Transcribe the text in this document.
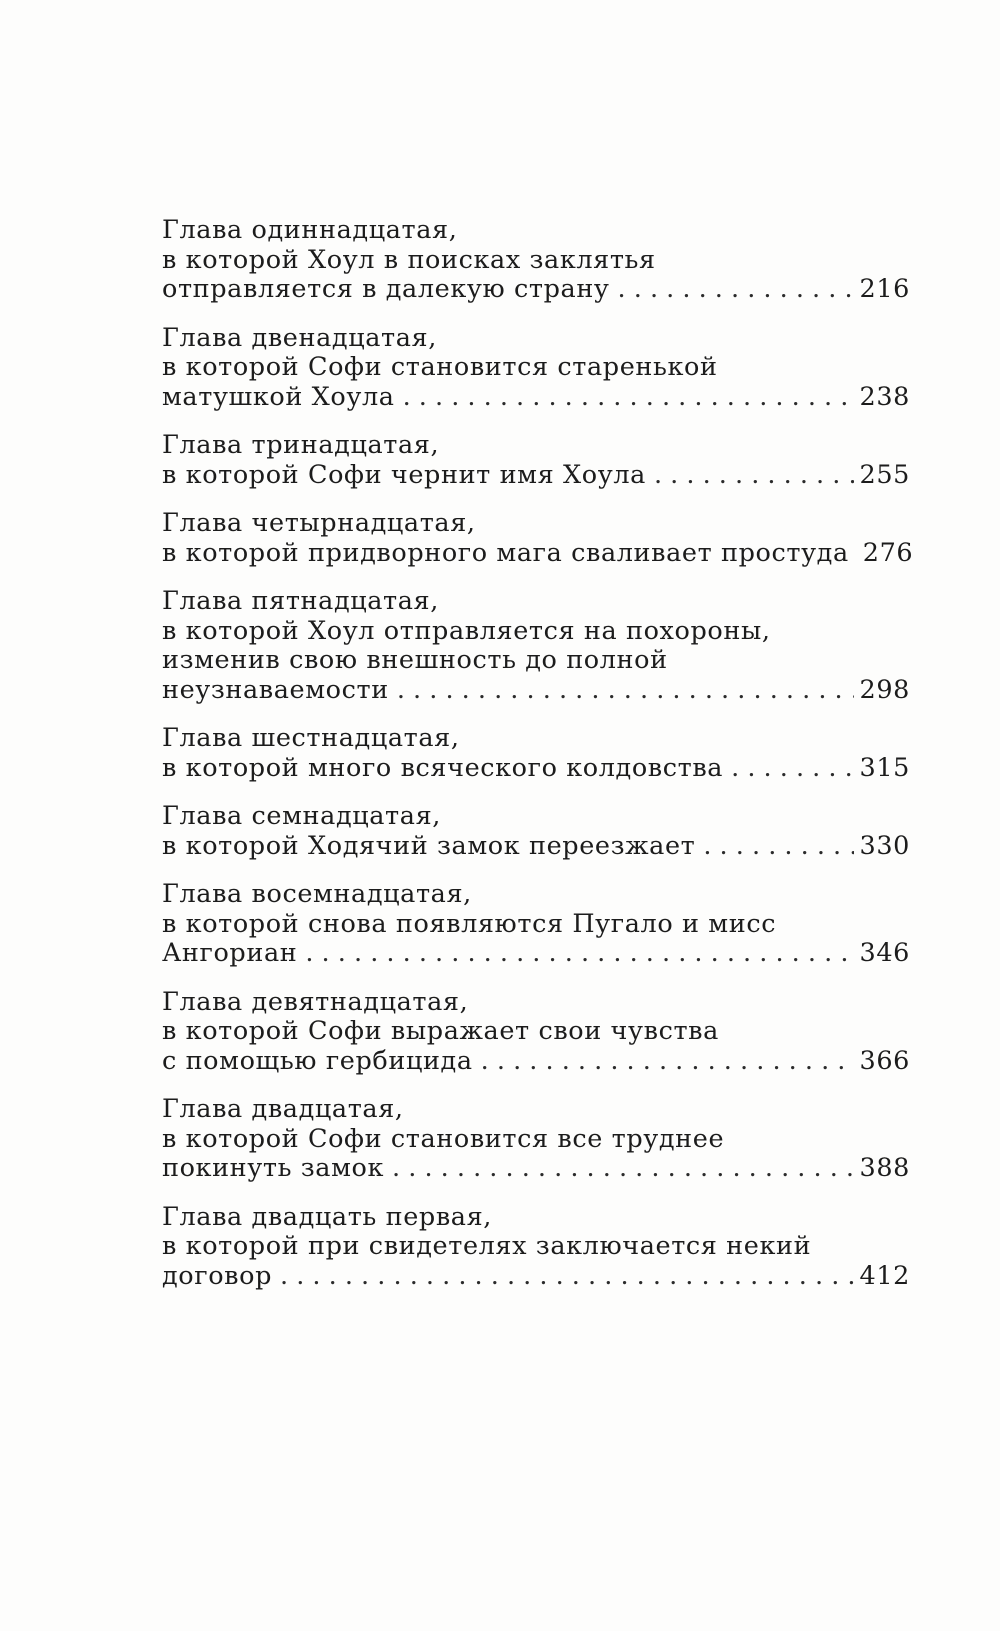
Глава одиннадцатая,
в которой Хоул в поисках заклятья
отправляется в далекую страну . . .	216
Глава двенадцатая,
в которой Софи становится старенькой
матушкой Хоула . . .	238
Глава тринадцатая,
в которой Софи чернит имя Хоула . . .	255
Глава четырнадцатая,
в которой придворного мага сваливает простуда 276
Глава пятнадцатая,
в которой Хоул отправляется на похороны,
изменив свою внешность до полной
неузнаваемости . . .	298
Глава шестнадцатая,
в которой много всяческого колдовства . . .	315
Глава семнадцатая,
в которой Ходячий замок переезжает . . .	330
Глава восемнадцатая,
в которой снова появляются Пугало и мисс
Ангориан . . .	346
Глава девятнадцатая,
в которой Софи выражает свои чувства
с помощью гербицида . . .	366
Глава двадцатая,
в которой Софи становится все труднее
покинуть замок . . .	388
Глава двадцать первая,
в которой при свидетелях заключается некий
договор . . .	412
